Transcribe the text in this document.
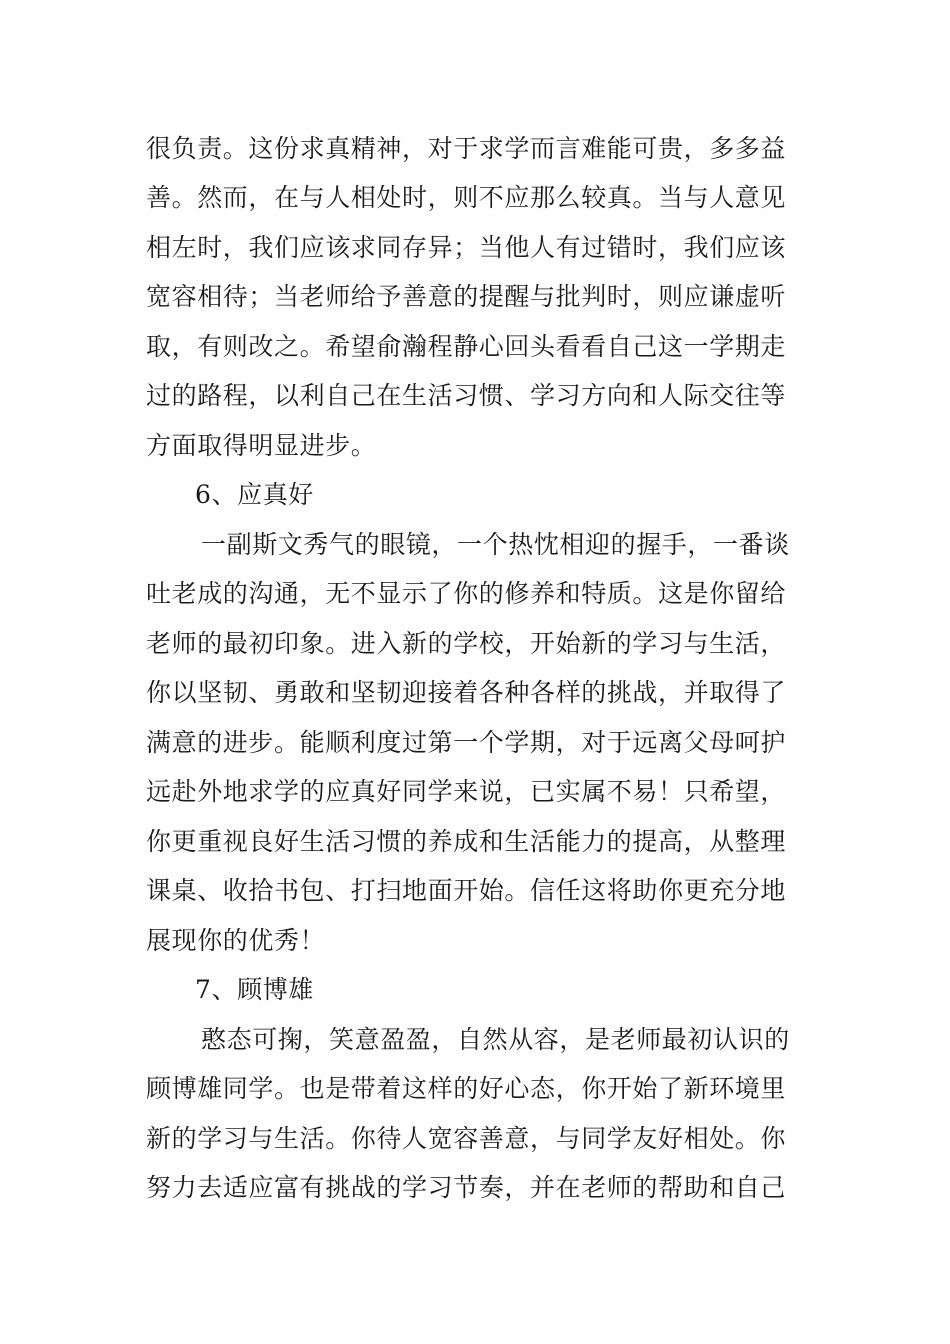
很负责。这份求真精神，对于求学而言难能可贵，多多益
善。然而，在与人相处时，则不应那么较真。当与人意见
相左时，我们应该求同存异；当他人有过错时，我们应该
宽容相待；当老师给予善意的提醒与批判时，则应谦虚听
取，有则改之。希望俞瀚程静心回头看看自己这一学期走
过的路程，以利自己在生活习惯、学习方向和人际交往等
方面取得明显进步。
6、应真好
一副斯文秀气的眼镜，一个热忱相迎的握手，一番谈
吐老成的沟通，无不显示了你的修养和特质。这是你留给
老师的最初印象。进入新的学校，开始新的学习与生活，
你以坚韧、勇敢和坚韧迎接着各种各样的挑战，并取得了
满意的进步。能顺利度过第一个学期，对于远离父母呵护
远赴外地求学的应真好同学来说，已实属不易！只希望，
你更重视良好生活习惯的养成和生活能力的提高，从整理
课桌、收拾书包、打扫地面开始。信任这将助你更充分地
展现你的优秀！
7、顾博雄
憨态可掬，笑意盈盈，自然从容，是老师最初认识的
顾博雄同学。也是带着这样的好心态，你开始了新环境里
新的学习与生活。你待人宽容善意，与同学友好相处。你
努力去适应富有挑战的学习节奏，并在老师的帮助和自己
